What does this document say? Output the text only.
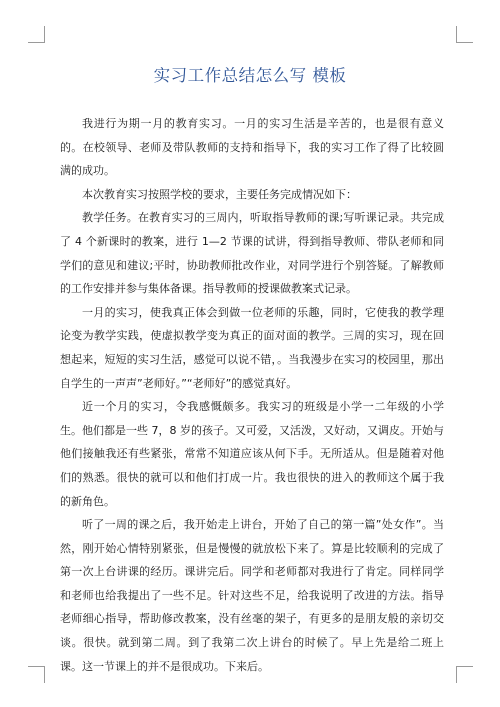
实习工作总结怎么写 模板

我进行为期一月的教育实习。一月的实习生活是辛苦的，也是很有意义的。在校领导、老师及带队教师的支持和指导下，我的实习工作了得了比较圆满的成功。

本次教育实习按照学校的要求，主要任务完成情况如下：

教学任务。在教育实习的三周内，听取指导教师的课;写听课记录。共完成了 4 个新课时的教案，进行 1—2 节课的试讲，得到指导教师、带队老师和同学们的意见和建议;平时，协助教师批改作业，对同学进行个别答疑。了解教师的工作安排并参与集体备课。指导教师的授课做教案式记录。

一月的实习，使我真正体会到做一位老师的乐趣，同时，它使我的教学理论变为教学实践，使虚拟教学变为真正的面对面的教学。三周的实习，现在回想起来，短短的实习生活，感觉可以说不错，。当我漫步在实习的校园里，那出自学生的一声声”老师好。”“老师好”的感觉真好。

近一个月的实习，令我感慨颇多。我实习的班级是小学一二年级的小学生。他们都是一些 7，8 岁的孩子。又可爱，又活泼，又好动，又调皮。开始与他们接触我还有些紧张，常常不知道应该从何下手。无所适从。但是随着对他们的熟悉。很快的就可以和他们打成一片。我也很快的进入的教师这个属于我的新角色。

听了一周的课之后，我开始走上讲台，开始了自己的第一篇”处女作”。当然，刚开始心情特别紧张，但是慢慢的就放松下来了。算是比较顺利的完成了第一次上台讲课的经历。课讲完后。同学和老师都对我进行了肯定。同样同学和老师也给我提出了一些不足。针对这些不足，给我说明了改进的方法。指导老师细心指导，帮助修改教案，没有丝毫的架子，有更多的是朋友般的亲切交谈。很快。就到第二周。到了我第二次上讲台的时候了。早上先是给二班上课。这一节课上的并不是很成功。下来后。
